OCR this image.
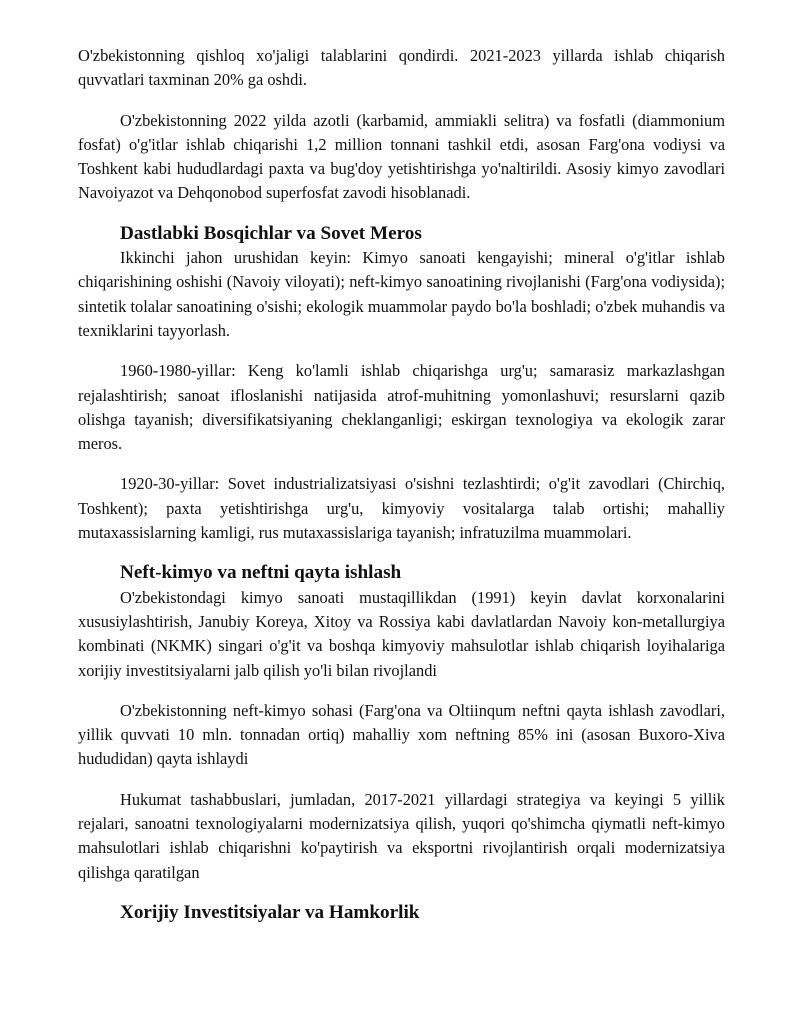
O'zbekistonning qishloq xo'jaligi talablarini qondirdi. 2021-2023 yillarda ishlab chiqarish quvvatlari taxminan 20% ga oshdi.

O'zbekistonning 2022 yilda azotli (karbamid, ammiakli selitra) va fosfatli (diammonium fosfat) o'g'itlar ishlab chiqarishi 1,2 million tonnani tashkil etdi, asosan Farg'ona vodiysi va Toshkent kabi hududlardagi paxta va bug'doy yetishtirishga yo'naltirildi. Asosiy kimyo zavodlari Navoiyazot va Dehqonobod superfosfat zavodi hisoblanadi.

Dastlabki Bosqichlar va Sovet Meros

Ikkinchi jahon urushidan keyin: Kimyo sanoati kengayishi; mineral o'g'itlar ishlab chiqarishining oshishi (Navoiy viloyati); neft-kimyo sanoatining rivojlanishi (Farg'ona vodiysida); sintetik tolalar sanoatining o'sishi; ekologik muammolar paydo bo'la boshladi; o'zbek muhandis va texniklarini tayyorlash.

1960-1980-yillar: Keng ko'lamli ishlab chiqarishga urg'u; samarasiz markazlashgan rejalashtirish; sanoat ifloslanishi natijasida atrof-muhitning yomonlashuvi; resurslarni qazib olishga tayanish; diversifikatsiyaning cheklanganligi; eskirgan texnologiya va ekologik zarar meros.

1920-30-yillar: Sovet industrializatsiyasi o'sishni tezlashtirdi; o'g'it zavodlari (Chirchiq, Toshkent); paxta yetishtirishga urg'u, kimyoviy vositalarga talab ortishi; mahalliy mutaxassislarning kamligi, rus mutaxassislariga tayanish; infratuzilma muammolari.

Neft-kimyo va neftni qayta ishlash

O'zbekistondagi kimyo sanoati mustaqillikdan (1991) keyin davlat korxonalarini xususiylashtirish, Janubiy Koreya, Xitoy va Rossiya kabi davlatlardan Navoiy kon-metallurgiya kombinati (NKMK) singari o'g'it va boshqa kimyoviy mahsulotlar ishlab chiqarish loyihalariga xorijiy investitsiyalarni jalb qilish yo'li bilan rivojlandi

O'zbekistonning neft-kimyo sohasi (Farg'ona va Oltiinqum neftni qayta ishlash zavodlari, yillik quvvati 10 mln. tonnadan ortiq) mahalliy xom neftning 85% ini (asosan Buxoro-Xiva hududidan) qayta ishlaydi

Hukumat tashabbuslari, jumladan, 2017-2021 yillardagi strategiya va keyingi 5 yillik rejalari, sanoatni texnologiyalarni modernizatsiya qilish, yuqori qo'shimcha qiymatli neft-kimyo mahsulotlari ishlab chiqarishni ko'paytirish va eksportni rivojlantirish orqali modernizatsiya qilishga qaratilgan

Xorijiy Investitsiyalar va Hamkorlik
